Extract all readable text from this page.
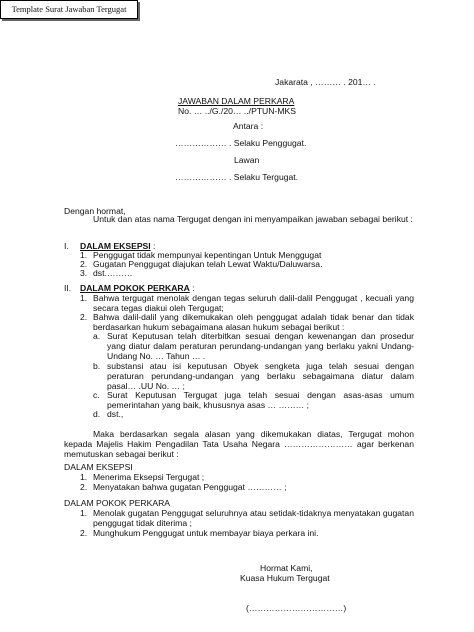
Template Surat Jawaban Tergugat
Jakarata , ……… . 201… .
JAWABAN DALAM PERKARA
No. … ../G./20… ../PTUN-MKS
Antara :
……………… . Selaku Penggugat.
Lawan
……………… . Selaku Tergugat.
Dengan hormat,
Untuk dan atas nama Tergugat dengan ini menyampaikan jawaban sebagai berikut :
I. DALAM EKSEPSI :
1. Penggugat tidak mempunyai kepentingan Untuk Menggugat
2. Gugatan Penggugat diajukan telah Lewat Waktu/Daluwarsa.
3. dst.………
II. DALAM POKOK PERKARA :
1. Bahwa tergugat menolak dengan tegas seluruh dalil-dalil Penggugat , kecuali yang secara tegas diakui oleh Tergugat;
2. Bahwa dalil-dalil yang dikemukakan oleh penggugat adalah tidak benar dan tidak berdasarkan hukum sebagaimana alasan hukum sebagai berikut :
a. Surat Keputusan telah diterbitkan sesuai dengan kewenangan dan prosedur yang diatur dalam peraturan perundang-undangan yang berlaku yakni Undang-Undang No. … Tahun … .
b. substansi atau isi keputusan Obyek sengketa juga telah sesuai dengan peraturan perundang-undangan yang berlaku sebagaimana diatur dalam pasal… .UU No. … ;
c. Surat Keputusan Tergugat juga telah sesuai dengan asas-asas umum pemerintahan yang baik, khususnya asas … ……… ;
d. dst.,
Maka berdasarkan segala alasan yang dikemukakan diatas, Tergugat mohon kepada Majelis Hakim Pengadilan Tata Usaha Negara …………………… agar berkenan memutuskan sebagai berikut :
DALAM EKSEPSI
1. Menerima Eksepsi Tergugat ;
2. Menyatakan bahwa gugatan Penggugat ………… ;
DALAM POKOK PERKARA
1. Menolak gugatan Penggugat seluruhnya atau setidak-tidaknya menyatakan gugatan penggugat tidak diterima ;
2. Munghukum Penggugat untuk membayar biaya perkara ini.
Hormat Kami,
Kuasa Hukum Tergugat
(……………………………)
